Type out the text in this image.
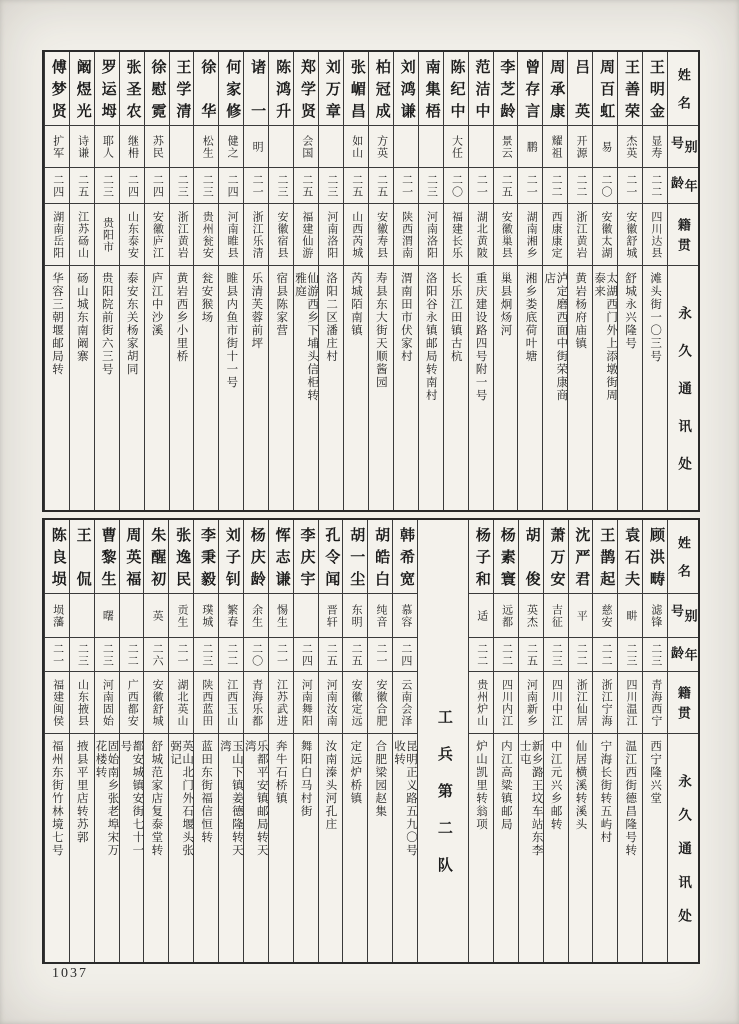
姓名
别号
年龄
籍贯
永久通讯处
王明金
显寿
二二
四川达县
滩头街一〇三号
王善荣
杰英
二一
安徽舒城
舒城永兴隆号
周百虹
易
二〇
安徽太湖
太湖西门外上添墩街周泰来
吕英
开源
二二
浙江黄岩
黄岩杨府庙镇
周承康
耀祖
二二
西康康定
泸定磨西面中街荣康商店
曾存言
鹏
二一
湖南湘乡
湘乡娄底荷叶塘
李芝龄
景云
二五
安徽巢县
巢县炯炀河
范洁中
二一
湖北黄陂
重庆建设路四号附一号
陈纪中
大任
二〇
福建长乐
长乐江田镇古杭
南集梧
二三
河南洛阳
洛阳谷永镇邮局转南村
刘鸿谦
二一
陕西渭南
渭南田市伏家村
柏冠成
方英
二五
安徽寿县
寿县东大街天顺酱园
张嵋昌
如山
二五
山西芮城
芮城陌南镇
刘万章
二三
河南洛阳
洛阳二区潘庄村
郑学贤
会国
二五
福建仙游
仙游西乡下埔头信柜转雅庭
陈鸿升
二三
安徽宿县
宿县陈家营
诸一
明
二一
浙江乐清
乐清芙蓉前坪
何家修
健之
二四
河南睢县
睢县内鱼市街十一号
徐华
松生
二三
贵州瓮安
瓮安猴场
王学清
二三
浙江黄岩
黄岩西乡小里桥
徐慰霓
苏民
二四
安徽庐江
庐江中沙溪
张圣农
继枏
二四
山东泰安
泰安东关杨家胡同
罗运坶
耶人
二三
贵阳市
贵阳院前街六三号
阚煜光
诗谦
二五
江苏砀山
砀山城东南阚寨
傅梦贤
扩军
二四
湖南岳阳
华容三朝堰邮局转
姓名
别号
年龄
籍贯
永久通讯处
顾洪畴
滤锋
二三
青海西宁
西宁隆兴堂
袁石夫
畊
二三
四川温江
温江西街德昌隆号转
王鹊起
慈安
二二
浙江宁海
宁海长街转五屿村
沈严君
平
二二
浙江仙居
仙居横溪转溪头
萧万安
吉征
二三
四川中江
中江元兴乡邮转
胡俊
英杰
二五
河南新乡
新乡潞王坟车站东李士屯
杨素寰
远都
二二
四川内江
内江高粱镇邮局
杨子和
适
二二
贵州炉山
炉山凯里转翁项
工兵第二队
韩希宽
慕容
二四
云南会泽
昆明正义路五九〇号收转
胡皓白
纯音
二一
安徽合肥
合肥梁园赵集
胡一尘
东明
二五
安徽定远
定远炉桥镇
孔令闻
晋轩
二五
河南汝南
汝南溱头河孔庄
李庆宇
二四
河南舞阳
舞阳白马村街
恽志谦
惕生
二一
江苏武进
奔牛石桥镇
杨庆龄
余生
二〇
青海乐都
乐都平安镇邮局转天湾
刘子钊
繁春
二二
江西玉山
玉山下镇姜德隆转天湾
李秉毅
璞城
二三
陕西蓝田
蓝田东街福信恒转
张逸民
贡生
二一
湖北英山
英山北门外石堰头张弼记
朱醒初
英
二六
安徽舒城
舒城范家店复泰堂转
周英福
二二
广西都安
都安城镇安街七十一号
曹黎生
曙
二三
河南固始
固始南乡张老埠宋万花楼转
王侃
二三
山东掖县
掖县平里店转苏郭
陈良埙
埙藩
二一
福建闽侯
福州东街竹林境七号
1037
